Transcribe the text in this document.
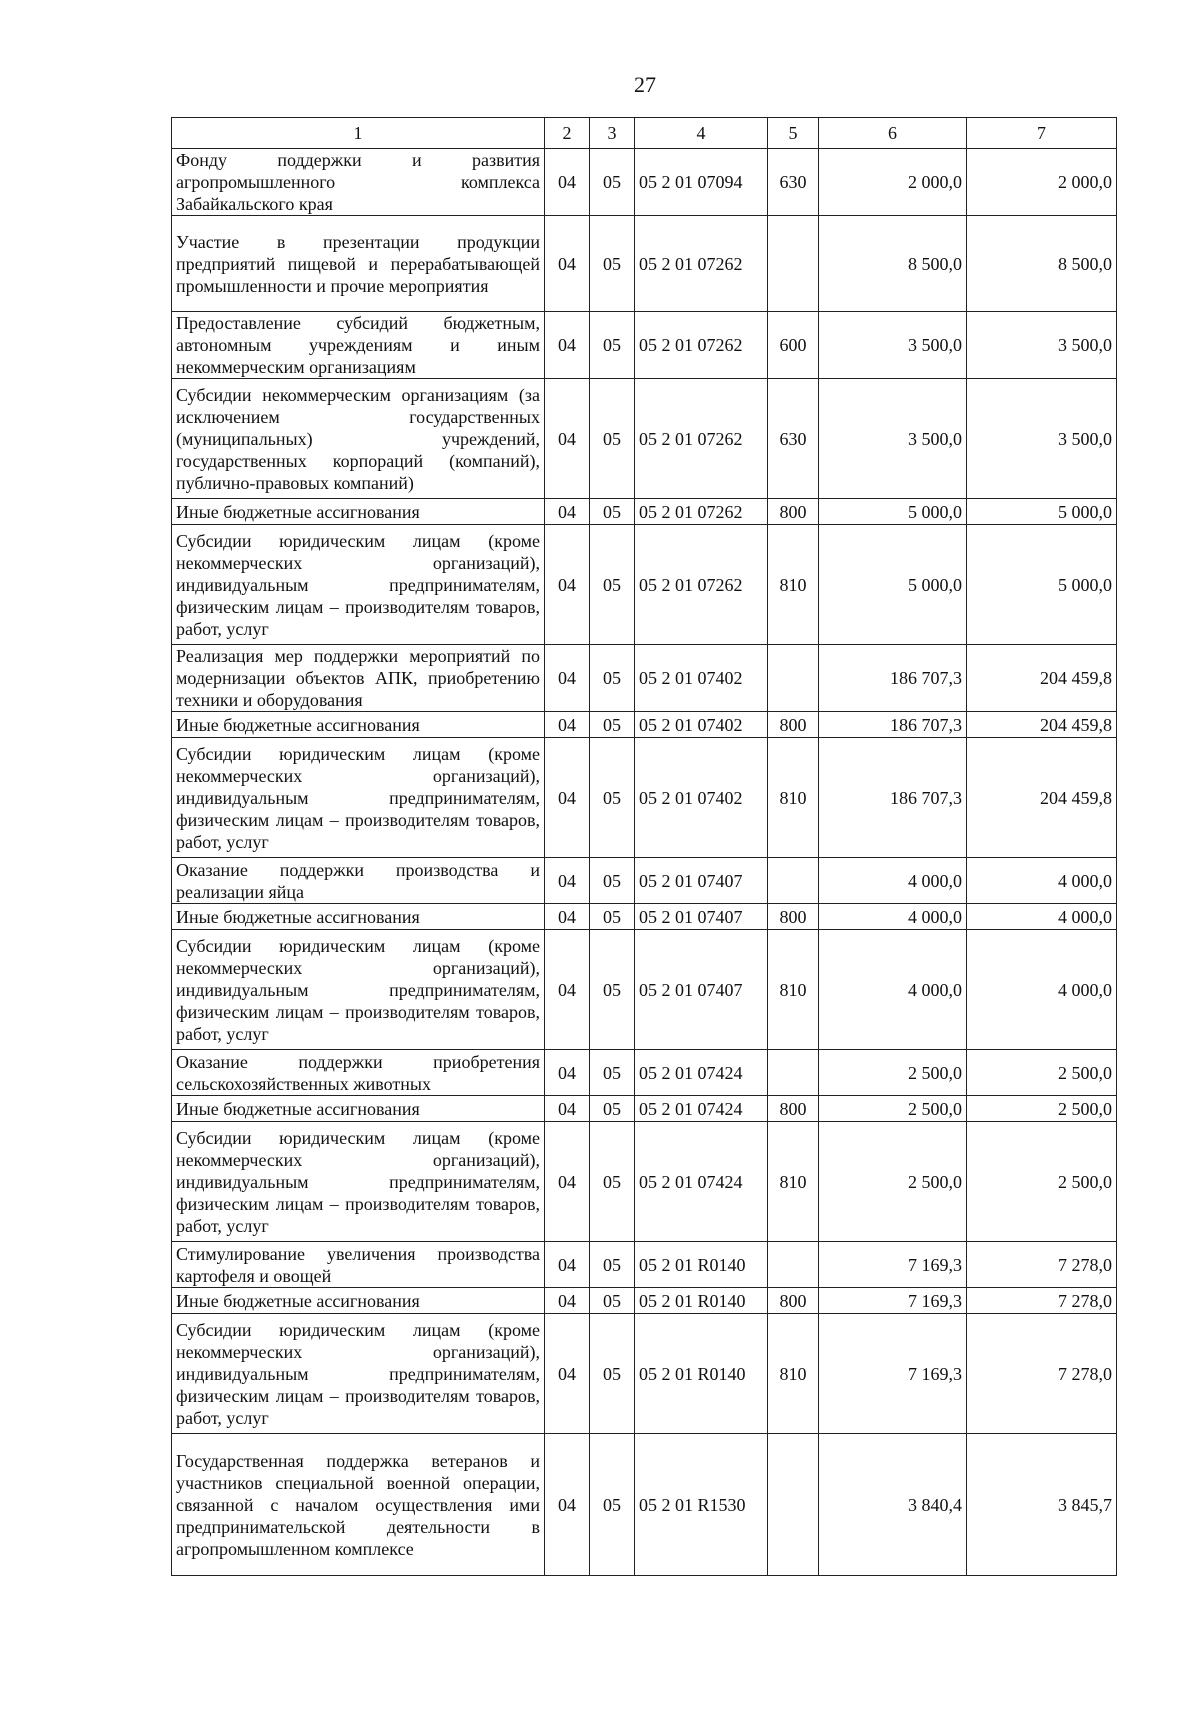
27
1	2	3	4	5	6	7
Фонду поддержки и развития агропромышленного комплекса Забайкальского края	04	05	05 2 01 07094	630	2 000,0	2 000,0
Участие в презентации продукции предприятий пищевой и перерабатывающей промышленности и прочие мероприятия	04	05	05 2 01 07262		8 500,0	8 500,0
Предоставление субсидий бюджетным, автономным учреждениям и иным некоммерческим организациям	04	05	05 2 01 07262	600	3 500,0	3 500,0
Субсидии некоммерческим организациям (за исключением государственных (муниципальных) учреждений, государственных корпораций (компаний), публично-правовых компаний)	04	05	05 2 01 07262	630	3 500,0	3 500,0
Иные бюджетные ассигнования	04	05	05 2 01 07262	800	5 000,0	5 000,0
Субсидии юридическим лицам (кроме некоммерческих организаций), индивидуальным предпринимателям, физическим лицам – производителям товаров, работ, услуг	04	05	05 2 01 07262	810	5 000,0	5 000,0
Реализация мер поддержки мероприятий по модернизации объектов АПК, приобретению техники и оборудования	04	05	05 2 01 07402		186 707,3	204 459,8
Иные бюджетные ассигнования	04	05	05 2 01 07402	800	186 707,3	204 459,8
Субсидии юридическим лицам (кроме некоммерческих организаций), индивидуальным предпринимателям, физическим лицам – производителям товаров, работ, услуг	04	05	05 2 01 07402	810	186 707,3	204 459,8
Оказание поддержки производства и реализации яйца	04	05	05 2 01 07407		4 000,0	4 000,0
Иные бюджетные ассигнования	04	05	05 2 01 07407	800	4 000,0	4 000,0
Субсидии юридическим лицам (кроме некоммерческих организаций), индивидуальным предпринимателям, физическим лицам – производителям товаров, работ, услуг	04	05	05 2 01 07407	810	4 000,0	4 000,0
Оказание поддержки приобретения сельскохозяйственных животных	04	05	05 2 01 07424		2 500,0	2 500,0
Иные бюджетные ассигнования	04	05	05 2 01 07424	800	2 500,0	2 500,0
Субсидии юридическим лицам (кроме некоммерческих организаций), индивидуальным предпринимателям, физическим лицам – производителям товаров, работ, услуг	04	05	05 2 01 07424	810	2 500,0	2 500,0
Стимулирование увеличения производства картофеля и овощей	04	05	05 2 01 R0140		7 169,3	7 278,0
Иные бюджетные ассигнования	04	05	05 2 01 R0140	800	7 169,3	7 278,0
Субсидии юридическим лицам (кроме некоммерческих организаций), индивидуальным предпринимателям, физическим лицам – производителям товаров, работ, услуг	04	05	05 2 01 R0140	810	7 169,3	7 278,0
Государственная поддержка ветеранов и участников специальной военной операции, связанной с началом осуществления ими предпринимательской деятельности в агропромышленном комплексе	04	05	05 2 01 R1530		3 840,4	3 845,7
